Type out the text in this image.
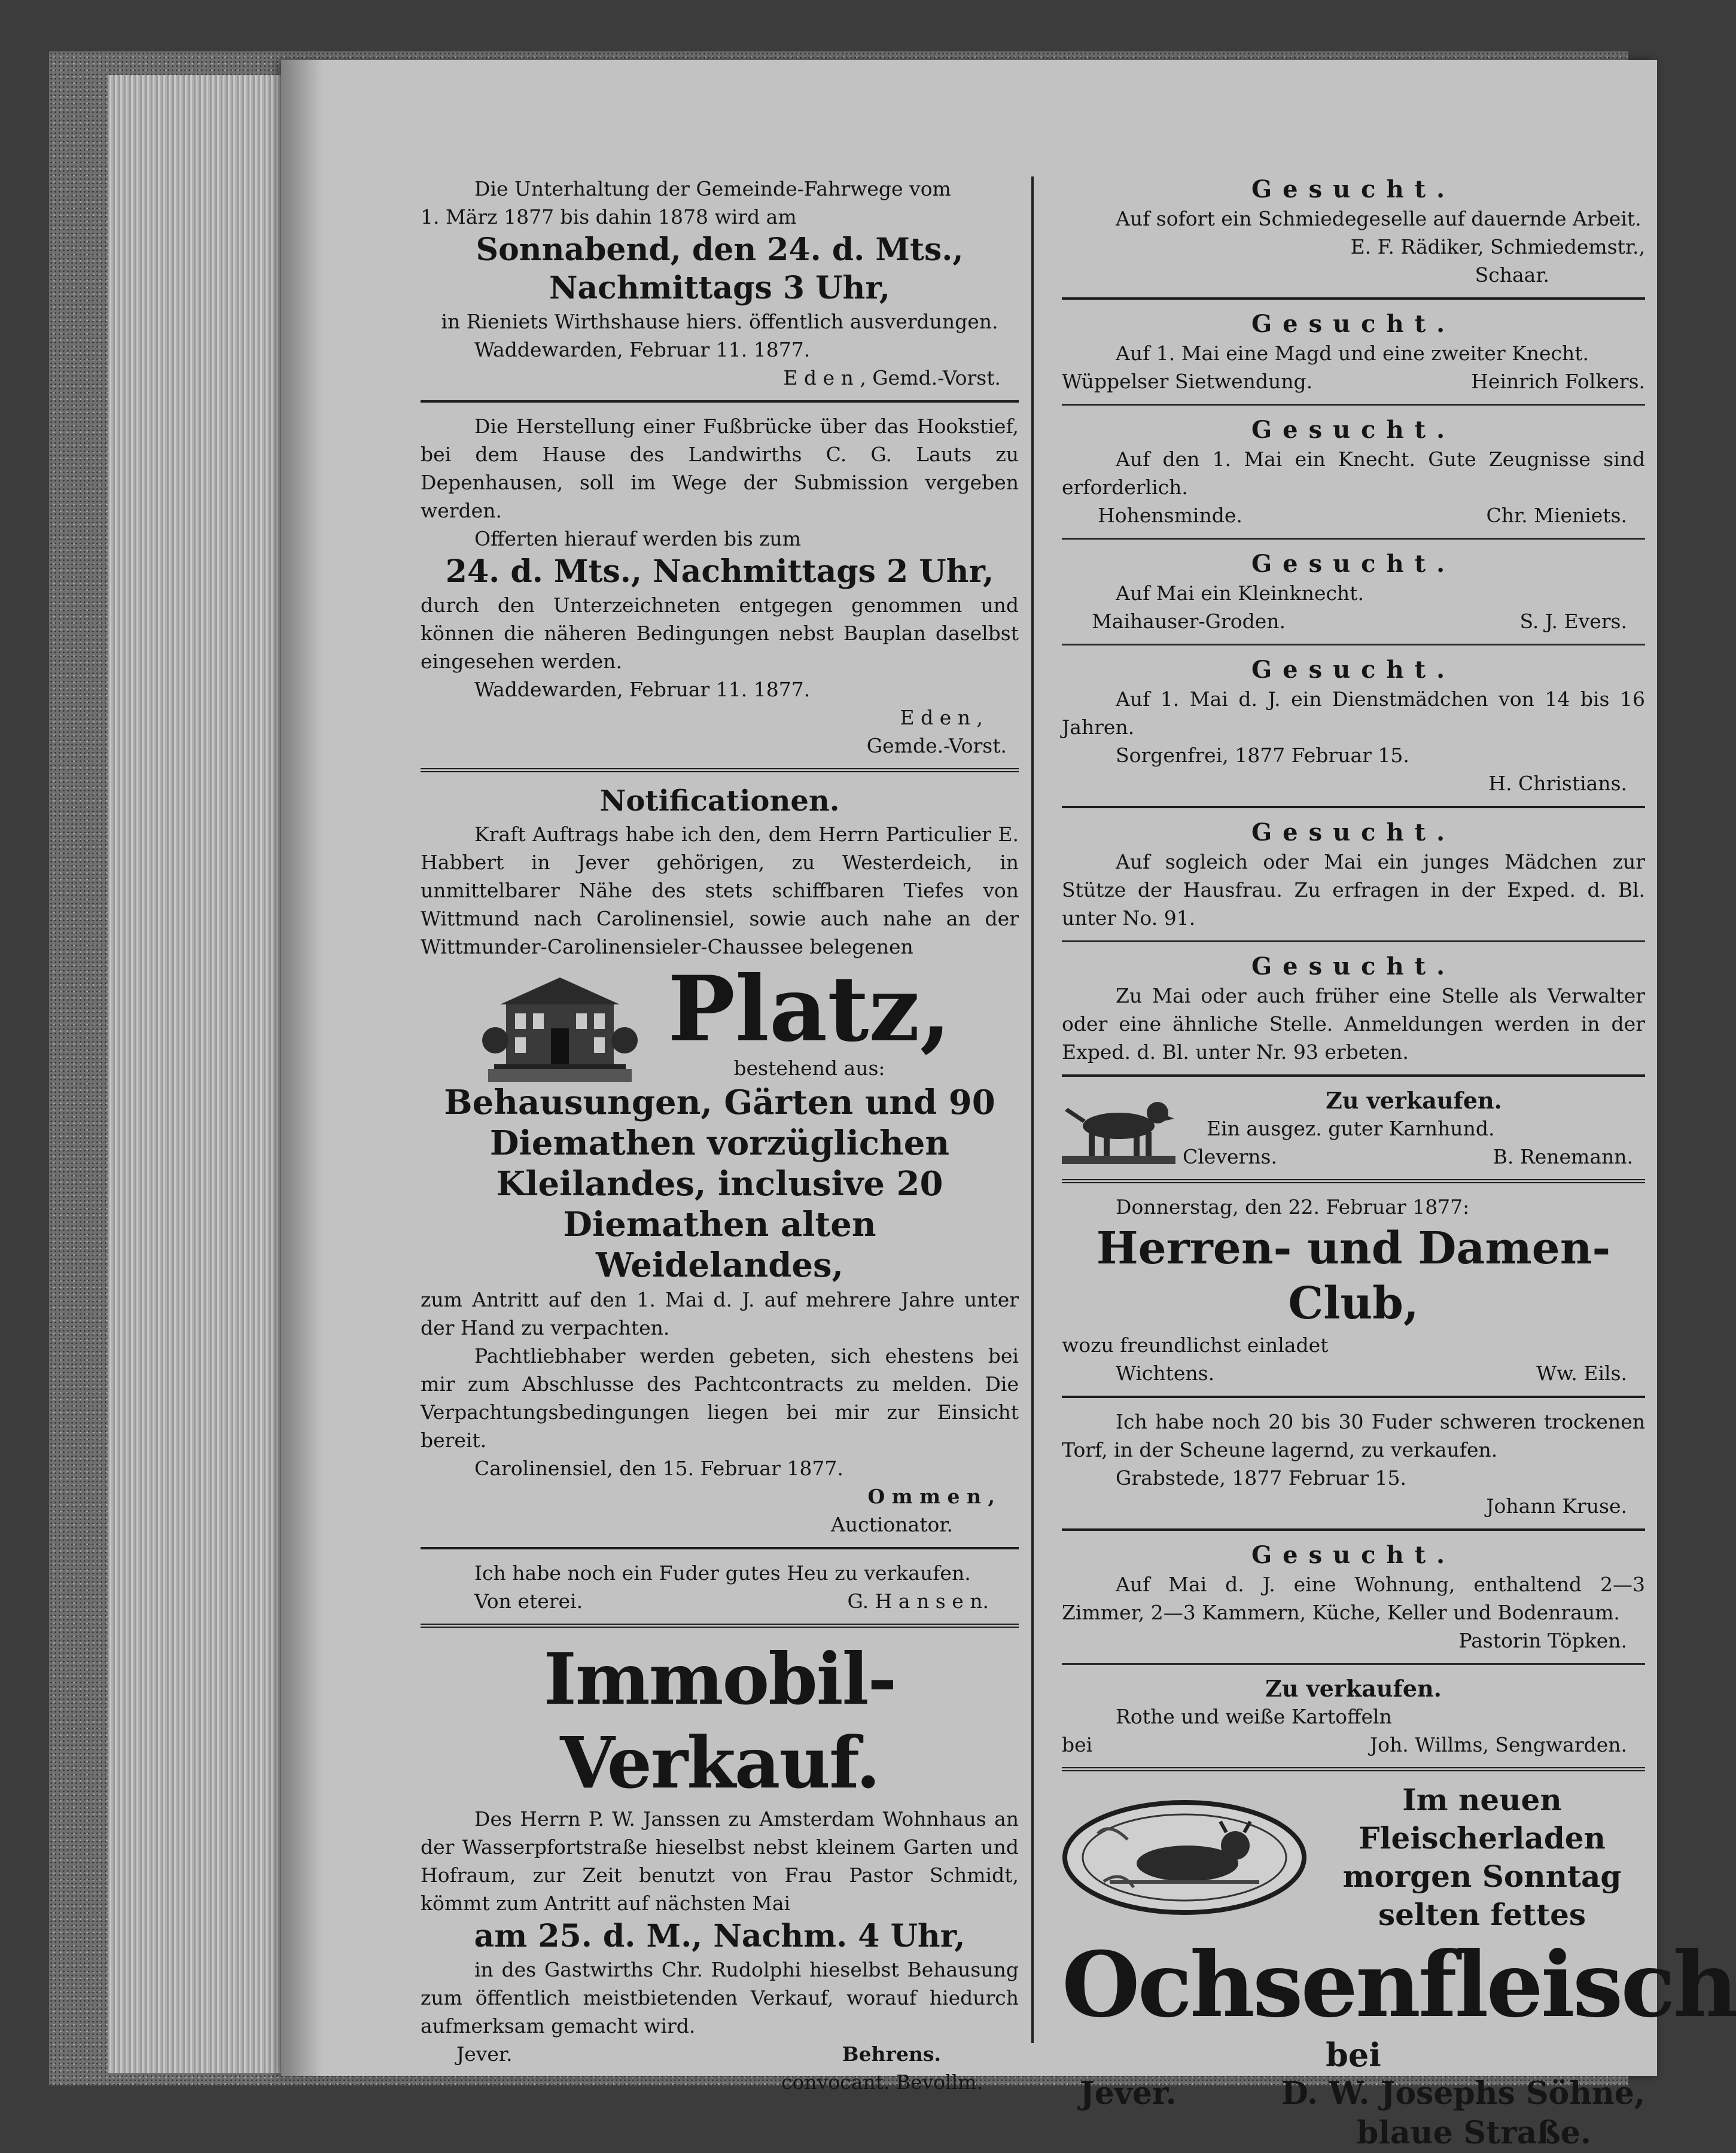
Die Unterhaltung der Gemeinde-Fahrwege vom

1. März 1877 bis dahin 1878 wird am

Sonnabend, den 24. d. Mts.,

Nachmittags 3 Uhr,

in Rieniets Wirthshause hiers. öffentlich ausverdungen.

Waddewarden, Februar 11. 1877.

E d e n , Gemd.-Vorst.

Die Herstellung einer Fußbrücke über das Hookstief, bei dem Hause des Landwirths C. G. Lauts zu Depenhausen, soll im Wege der Submission vergeben werden.

Offerten hierauf werden bis zum

24. d. Mts., Nachmittags 2 Uhr,

durch den Unterzeichneten entgegen genommen und können die näheren Bedingungen nebst Bauplan daselbst eingesehen werden.

Waddewarden, Februar 11. 1877.

E d e n ,

Gemde.-Vorst.

Notificationen.

Kraft Auftrags habe ich den, dem Herrn Particulier E. Habbert in Jever gehörigen, zu Westerdeich, in unmittelbarer Nähe des stets schiffbaren Tiefes von Wittmund nach Carolinensiel, sowie auch nahe an der Wittmunder-Carolinensieler-Chaussee belegenen

Platz,

bestehend aus:

Behausungen, Gärten und 90 Diemathen vorzüglichen Kleilandes, inclusive 20 Diemathen alten

Weidelandes,

zum Antritt auf den 1. Mai d. J. auf mehrere Jahre unter der Hand zu verpachten.

Pachtliebhaber werden gebeten, sich ehestens bei mir zum Abschlusse des Pachtcontracts zu melden. Die Verpachtungsbedingungen liegen bei mir zur Einsicht bereit.

Carolinensiel, den 15. Februar 1877.

O m m e n ,

Auctionator.

Ich habe noch ein Fuder gutes Heu zu verkaufen.

Von eterei.	G. H a n s e n.

Immobil-Verkauf.

Des Herrn P. W. Janssen zu Amsterdam Wohnhaus an der Wasserpfortstraße hieselbst nebst kleinem Garten und Hofraum, zur Zeit benutzt von Frau Pastor Schmidt, kömmt zum Antritt auf nächsten Mai

am 25. d. M., Nachm. 4 Uhr,

in des Gastwirths Chr. Rudolphi hieselbst Behausung zum öffentlich meistbietenden Verkauf, worauf hiedurch aufmerksam gemacht wird.

Jever.	Behrens.

convocant. Bevollm.

Gesucht.

Auf sofort ein Schmiedegeselle auf dauernde Arbeit.

E. F. Rädiker, Schmiedemstr.,

Schaar.

Gesucht.

Auf 1. Mai eine Magd und eine zweiter Knecht.

Wüppelser Sietwendung.	Heinrich Folkers.

Gesucht.

Auf den 1. Mai ein Knecht. Gute Zeugnisse sind erforderlich.

Hohensminde.	Chr. Mieniets.

Gesucht.

Auf Mai ein Kleinknecht.

Maihauser-Groden.	S. J. Evers.

Gesucht.

Auf 1. Mai d. J. ein Dienstmädchen von 14 bis 16 Jahren.

Sorgenfrei, 1877 Februar 15.

H. Christians.

Gesucht.

Auf sogleich oder Mai ein junges Mädchen zur Stütze der Hausfrau. Zu erfragen in der Exped. d. Bl. unter No. 91.

Gesucht.

Zu Mai oder auch früher eine Stelle als Verwalter oder eine ähnliche Stelle. Anmeldungen werden in der Exped. d. Bl. unter Nr. 93 erbeten.

Zu verkaufen.

Ein ausgez. guter Karnhund.

Cleverns.	B. Renemann.

Donnerstag, den 22. Februar 1877:

Herren- und Damen-Club,

wozu freundlichst einladet

Wichtens.	Ww. Eils.

Ich habe noch 20 bis 30 Fuder schweren trockenen Torf, in der Scheune lagernd, zu verkaufen.

Grabstede, 1877 Februar 15.

Johann Kruse.

Gesucht.

Auf Mai d. J. eine Wohnung, enthaltend 2—3 Zimmer, 2—3 Kammern, Küche, Keller und Bodenraum.

Pastorin Töpken.

Zu verkaufen.

Rothe und weiße Kartoffeln

bei	Joh. Willms, Sengwarden.

Im neuen Fleischerladen morgen Sonntag selten fettes

Ochsenfleisch

bei

Jever.	D. W. Josephs Söhne,

blaue Straße.
